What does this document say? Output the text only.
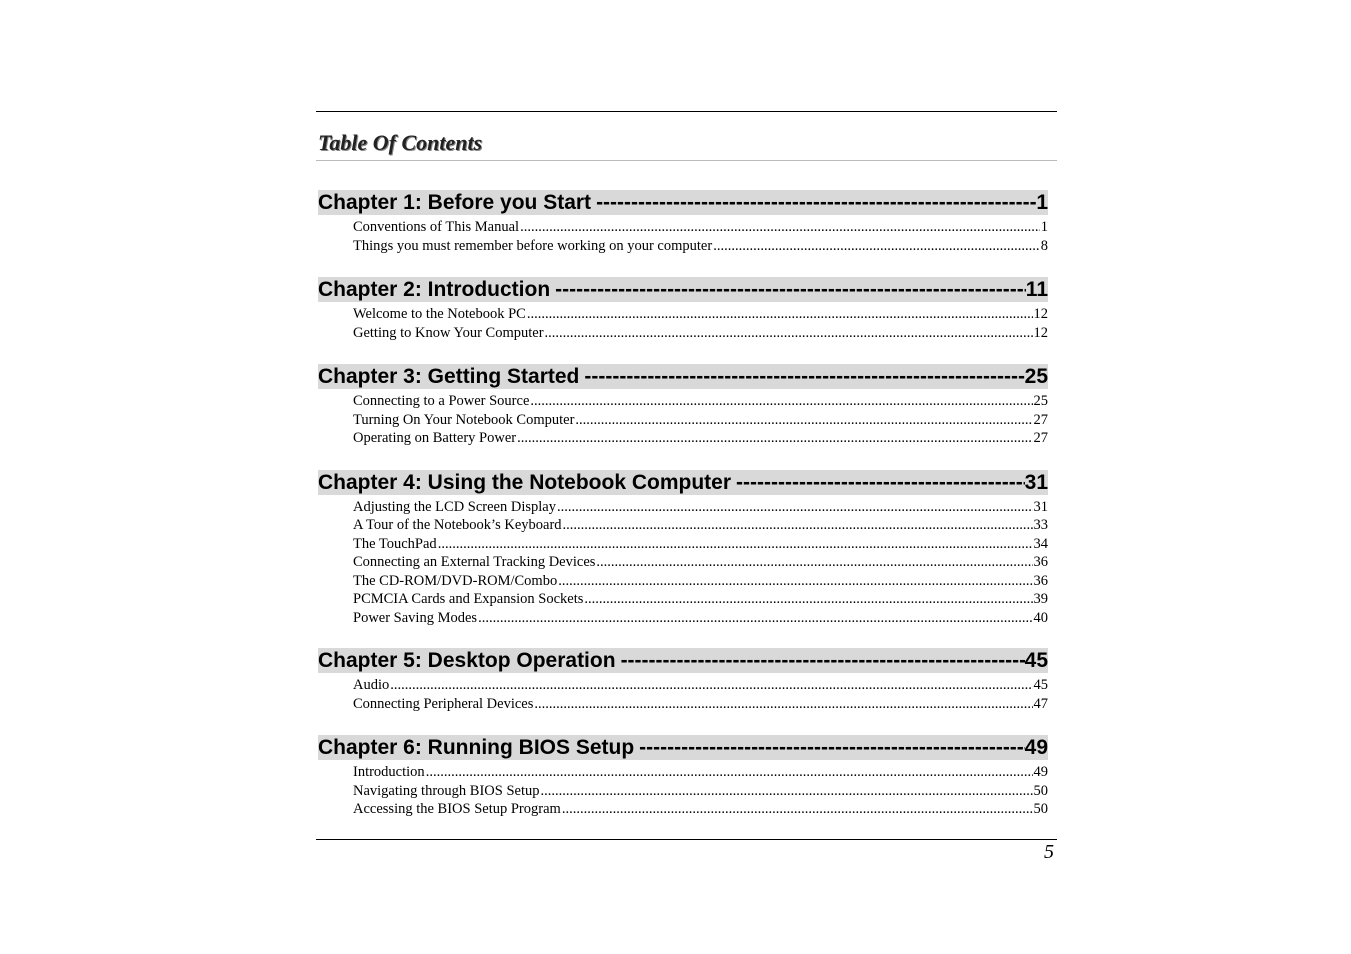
Table Of Contents
Chapter 1: Before you Start -----	1
Conventions of This Manual .....	1
Things you must remember before working on your computer .....	8
Chapter 2: Introduction -----	11
Welcome to the Notebook PC .....	12
Getting to Know Your Computer .....	12
Chapter 3: Getting Started -----	25
Connecting to a Power Source .....	25
Turning On Your Notebook Computer .....	27
Operating on Battery Power .....	27
Chapter 4: Using the Notebook Computer -----	31
Adjusting the LCD Screen Display .....	31
A Tour of the Notebook’s Keyboard .....	33
The TouchPad .....	34
Connecting an External Tracking Devices .....	36
The CD-ROM/DVD-ROM/Combo .....	36
PCMCIA Cards and Expansion Sockets .....	39
Power Saving Modes .....	40
Chapter 5: Desktop Operation -----	45
Audio .....	45
Connecting Peripheral Devices .....	47
Chapter 6: Running BIOS Setup -----	49
Introduction .....	49
Navigating through BIOS Setup .....	50
Accessing the BIOS Setup Program .....	50
5
